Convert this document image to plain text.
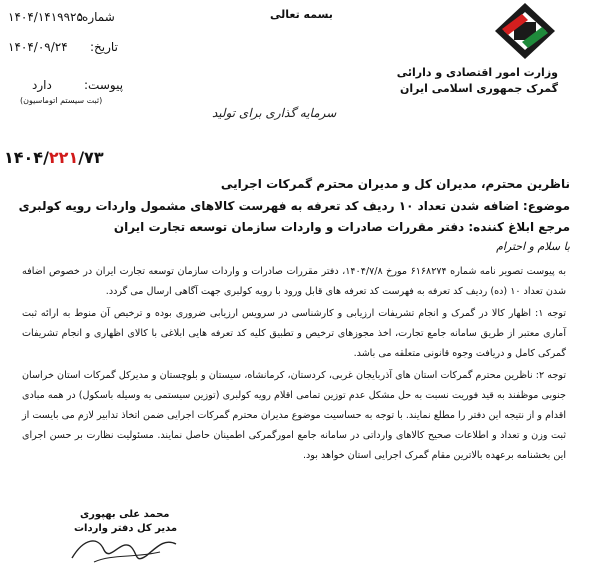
وزارت امور اقتصادی و دارائی
گمرک جمهوری اسلامی ایران
بسمه تعالی
شماره:
۱۴۰۴/۱۴۱۹۹۲۵
تاریخ:
۱۴۰۴/۰۹/۲۴
پیوست:
دارد
(ثبت سیستم اتوماسیون)
سرمایه گذاری برای تولید
۱۴۰۴/۲۲۱/۷۳
ناظرین محترم، مدیران کل و مدیران محترم گمرکات اجرایی
موضوع: اضافه شدن تعداد ۱۰ ردیف کد تعرفه به فهرست کالاهای مشمول واردات رویه کولبری
مرجع ابلاغ کننده: دفتر مقررات صادرات و واردات سازمان توسعه تجارت ایران
با سلام و احترام
به پیوست تصویر نامه شماره ۶۱۶۸۲۷۴ مورخ ۱۴۰۴/۷/۸، دفتر مقررات صادرات و واردات سازمان توسعه تجارت ایران در خصوص اضافه شدن تعداد ۱۰ (ده) ردیف کد تعرفه به فهرست کد تعرفه های قابل ورود با رویه کولبری جهت آگاهی ارسال می گردد.
توجه ۱: اظهار کالا در گمرک و انجام تشریفات ارزیابی و کارشناسی در سرویس ارزیابی ضروری بوده و ترخیص آن منوط به ارائه ثبت آماری معتبر از طریق سامانه جامع تجارت، اخذ مجوزهای ترخیص و تطبیق کلیه کد تعرفه هایی ابلاغی با کالای اظهاری و انجام تشریفات گمرکی کامل و دریافت وجوه قانونی متعلقه می باشد.
توجه ۲: ناظرین محترم گمرکات استان های آذربایجان غربی، کردستان، کرمانشاه، سیستان و بلوچستان و مدیرکل گمرکات استان خراسان جنوبی موظفند به قید فوریت نسبت به حل مشکل عدم توزین تمامی اقلام رویه کولبری (توزین سیستمی به وسیله باسکول) در همه مبادی اقدام و از نتیجه این دفتر را مطلع نمایند. با توجه به حساسیت موضوع مدیران محترم گمرکات اجرایی ضمن اتخاذ تدابیر لازم می بایست از ثبت وزن و تعداد و اطلاعات صحیح کالاهای وارداتی در سامانه جامع امورگمرکی اطمینان حاصل نمایند. مسئولیت نظارت بر حسن اجرای این بخشنامه برعهده بالاترین مقام گمرک اجرایی استان خواهد بود.
محمد علی بهپوری
مدیر کل دفتر واردات
